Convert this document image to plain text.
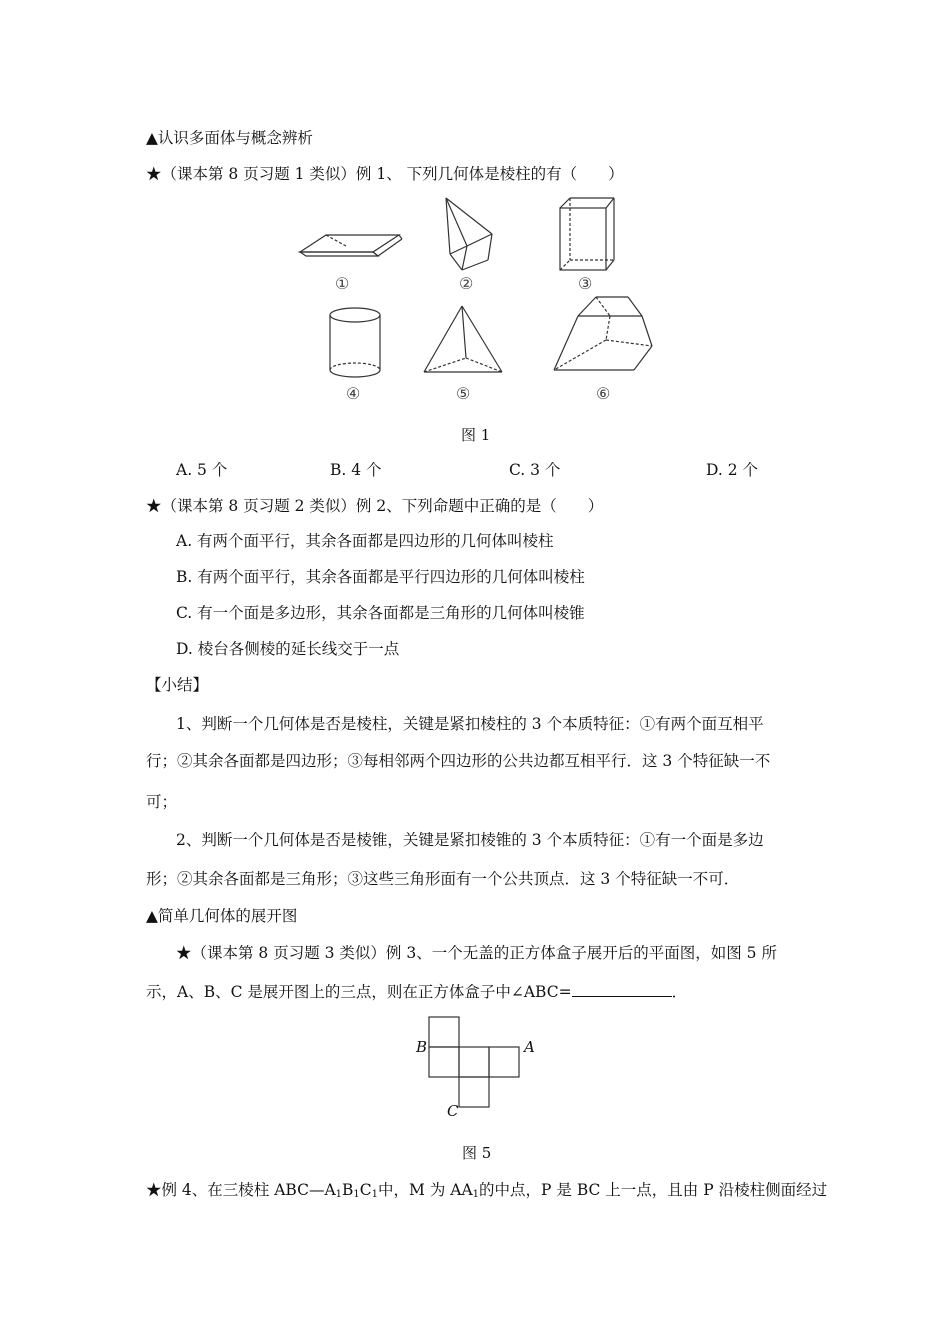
▲认识多面体与概念辨析
★（课本第 8 页习题 1 类似）例 1、 下列几何体是棱柱的有（　　）
①	②	③
④	⑤	⑥
图 1
A. 5 个	B. 4 个	C. 3 个	D. 2 个
★（课本第 8 页习题 2 类似）例 2、下列命题中正确的是（　　）
A. 有两个面平行，其余各面都是四边形的几何体叫棱柱
B. 有两个面平行，其余各面都是平行四边形的几何体叫棱柱
C. 有一个面是多边形，其余各面都是三角形的几何体叫棱锥
D. 棱台各侧棱的延长线交于一点
【小结】
1、判断一个几何体是否是棱柱，关键是紧扣棱柱的 3 个本质特征：①有两个面互相平
行；②其余各面都是四边形；③每相邻两个四边形的公共边都互相平行．这 3 个特征缺一不
可；
2、判断一个几何体是否是棱锥，关键是紧扣棱锥的 3 个本质特征：①有一个面是多边
形；②其余各面都是三角形；③这些三角形面有一个公共顶点．这 3 个特征缺一不可．
▲简单几何体的展开图
★（课本第 8 页习题 3 类似）例 3、一个无盖的正方体盒子展开后的平面图，如图 5 所
示，A、B、C 是展开图上的三点，则在正方体盒子中∠ABC=	．
B	A
C
图 5
★例 4、在三棱柱 $ABC—A_1B_1C_1$中，M 为 $AA_1$的中点，P 是 BC 上一点，且由 P 沿棱柱侧面经过
